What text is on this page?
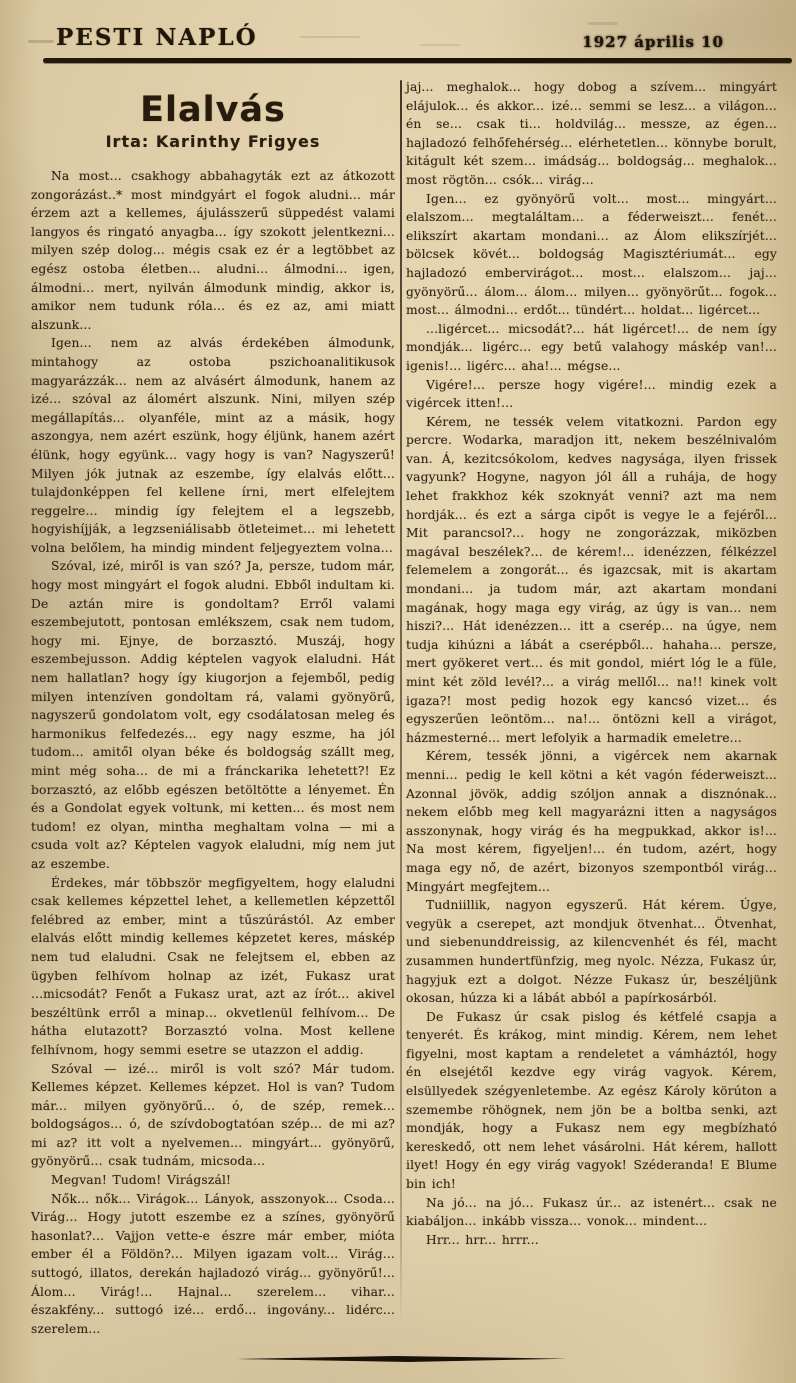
PESTI NAPLÓ	1927 április 10
Elalvás
Irta: Karinthy Frigyes

Na most... csakhogy abbahagyták ezt az átkozott zongorázást..* most mindgyárt el fogok aludni... már érzem azt a kellemes, ájulásszerű süppedést valami langyos és ringató anyagba... így szokott jelentkezni... milyen szép dolog... mégis csak ez ér a legtöbbet az egész ostoba életben... aludni... álmodni... igen, álmodni... mert, nyilván álmodunk mindig, akkor is, amikor nem tudunk róla... és ez az, ami miatt alszunk...

Igen... nem az alvás érdekében álmodunk, mintahogy az ostoba pszichoanalitikusok magyarázzák... nem az alvásért álmodunk, hanem az izé... szóval az álomért alszunk. Nini, milyen szép megállapítás... olyanféle, mint az a másik, hogy aszongya, nem azért eszünk, hogy éljünk, hanem azért élünk, hogy együnk... vagy hogy is van? Nagyszerű! Milyen jók jutnak az eszembe, így elalvás előtt... tulajdonképpen fel kellene írni, mert elfelejtem reggelre... mindig így felejtem el a legszebb, hogyishíjják, a legzseniálisabb ötleteimet... mi lehetett volna belőlem, ha mindig mindent feljegyeztem volna...

Szóval, izé, miről is van szó? Ja, persze, tudom már, hogy most mingyárt el fogok aludni. Ebből indultam ki. De aztán mire is gondoltam? Erről valami eszembejutott, pontosan emlékszem, csak nem tudom, hogy mi. Ejnye, de borzasztó. Muszáj, hogy eszembejusson. Addig képtelen vagyok elaludni. Hát nem hallatlan? hogy így kiugorjon a fejemből, pedig milyen intenzíven gondoltam rá, valami gyönyörű, nagyszerű gondolatom volt, egy csodálatosan meleg és harmonikus felfedezés... egy nagy eszme, ha jól tudom... amitől olyan béke és boldogság szállt meg, mint még soha... de mi a fránckarika lehetett?! Ez borzasztó, az előbb egészen betöltötte a lényemet. Én és a Gondolat egyek voltunk, mi ketten... és most nem tudom! ez olyan, mintha meghaltam volna — mi a csuda volt az? Képtelen vagyok elaludni, míg nem jut az eszembe.

Érdekes, már többször megfigyeltem, hogy elaludni csak kellemes képzettel lehet, a kellemetlen képzettől felébred az ember, mint a tűszúrástól. Az ember elalvás előtt mindig kellemes képzetet keres, máskép nem tud elaludni. Csak ne felejtsem el, ebben az ügyben felhívom holnap az izét, Fukasz urat ...micsodát? Fenőt a Fukasz urat, azt az írót... akivel beszéltünk erről a minap... okvetlenül felhívom... De hátha elutazott? Borzasztó volna. Most kellene felhívnom, hogy semmi esetre se utazzon el addig.

Szóval — izé... miről is volt szó? Már tudom. Kellemes képzet. Kellemes képzet. Hol is van? Tudom már... milyen gyönyörű... ó, de szép, remek... boldogságos... ó, de szívdobogtatóan szép... de mi az? mi az? itt volt a nyelvemen... mingyárt... gyönyörű, gyönyörű... csak tudnám, micsoda...

Megvan! Tudom! Virágszál!

Nők... nők... Virágok... Lányok, asszonyok... Csoda... Virág... Hogy jutott eszembe ez a színes, gyönyörű hasonlat?... Vajjon vette-e észre már ember, mióta ember él a Földön?... Milyen igazam volt... Virág... suttogó, illatos, derekán hajladozó virág... gyönyörű!... Álom... Virág!... Hajnal... szerelem... vihar... északfény... suttogó izé... erdő... ingovány... lidérc... szerelem...

jaj... meghalok... hogy dobog a szívem... mingyárt elájulok... és akkor... izé... semmi se lesz... a világon... én se... csak ti... holdvilág... messze, az égen... hajladozó felhőfehérség... elérhetetlen... könnybe borult, kitágult két szem... imádság... boldogság... meghalok... most rögtön... csók... virág...

Igen... ez gyönyörű volt... most... mingyárt... elalszom... megtaláltam... a féderweiszt... fenét... elikszírt akartam mondani... az Álom elikszírjét... bölcsek kövét... boldogság Magisztériumát... egy hajladozó embervirágot... most... elalszom... jaj... gyönyörű... álom... álom... milyen... gyönyörűt... fogok... most... álmodni... erdőt... tündért... holdat... ligércet...

...ligércet... micsodát?... hát ligércet!... de nem így mondják... ligérc... egy betű valahogy máskép van!... igenis!... ligérc... aha!... mégse...

Vigére!... persze hogy vigére!... mindig ezek a vigércek itten!...

Kérem, ne tessék velem vitatkozni. Pardon egy percre. Wodarka, maradjon itt, nekem beszélnivalóm van. Á, kezitcsókolom, kedves nagysága, ilyen frissek vagyunk? Hogyne, nagyon jól áll a ruhája, de hogy lehet frakkhoz kék szoknyát venni? azt ma nem hordják... és ezt a sárga cipőt is vegye le a fejéről... Mit parancsol?... hogy ne zongorázzak, miközben magával beszélek?... de kérem!... idenézzen, félkézzel felemelem a zongorát... és igazcsak, mit is akartam mondani... ja tudom már, azt akartam mondani magának, hogy maga egy virág, az úgy is van... nem hiszi?... Hát idenézzen... itt a cserép... na úgye, nem tudja kihúzni a lábát a cserépből... hahaha... persze, mert gyökeret vert... és mit gondol, miért lóg le a füle, mint két zöld levél?... a virág mellől... na!! kinek volt igaza?! most pedig hozok egy kancsó vizet... és egyszerűen leöntöm... na!... öntözni kell a virágot, házmesterné... mert lefolyik a harmadik emeletre...

Kérem, tessék jönni, a vigércek nem akarnak menni... pedig le kell kötni a két vagón féderweiszt... Azonnal jövök, addig szóljon annak a disznónak... nekem előbb meg kell magyarázni itten a nagyságos asszonynak, hogy virág és ha megpukkad, akkor is!... Na most kérem, figyeljen!... én tudom, azért, hogy maga egy nő, de azért, bizonyos szempontból virág... Mingyárt megfejtem...

Tudniillik, nagyon egyszerű. Hát kérem. Úgye, vegyük a cserepet, azt mondjuk ötvenhat... Ötvenhat, und siebenunddreissig, az kilencvenhét és fél, macht zusammen hundertfünfzig, meg nyolc. Nézza, Fukasz úr, hagyjuk ezt a dolgot. Nézze Fukasz úr, beszéljünk okosan, húzza ki a lábát abból a papírkosárból.

De Fukasz úr csak pislog és kétfelé csapja a tenyerét. És krákog, mint mindig. Kérem, nem lehet figyelni, most kaptam a rendeletet a vámháztól, hogy én elsejétől kezdve egy virág vagyok. Kérem, elsüllyedek szégyenletembe. Az egész Károly körúton a szemembe röhögnek, nem jön be a boltba senki, azt mondják, hogy a Fukasz nem egy megbízható kereskedő, ott nem lehet vásárolni. Hát kérem, hallott ilyet! Hogy én egy virág vagyok! Széderanda! E Blume bin ich!

Na jó... na jó... Fukasz úr... az istenért... csak ne kiabáljon... inkább vissza... vonok... mindent...

Hrr... hrr... hrrr...
